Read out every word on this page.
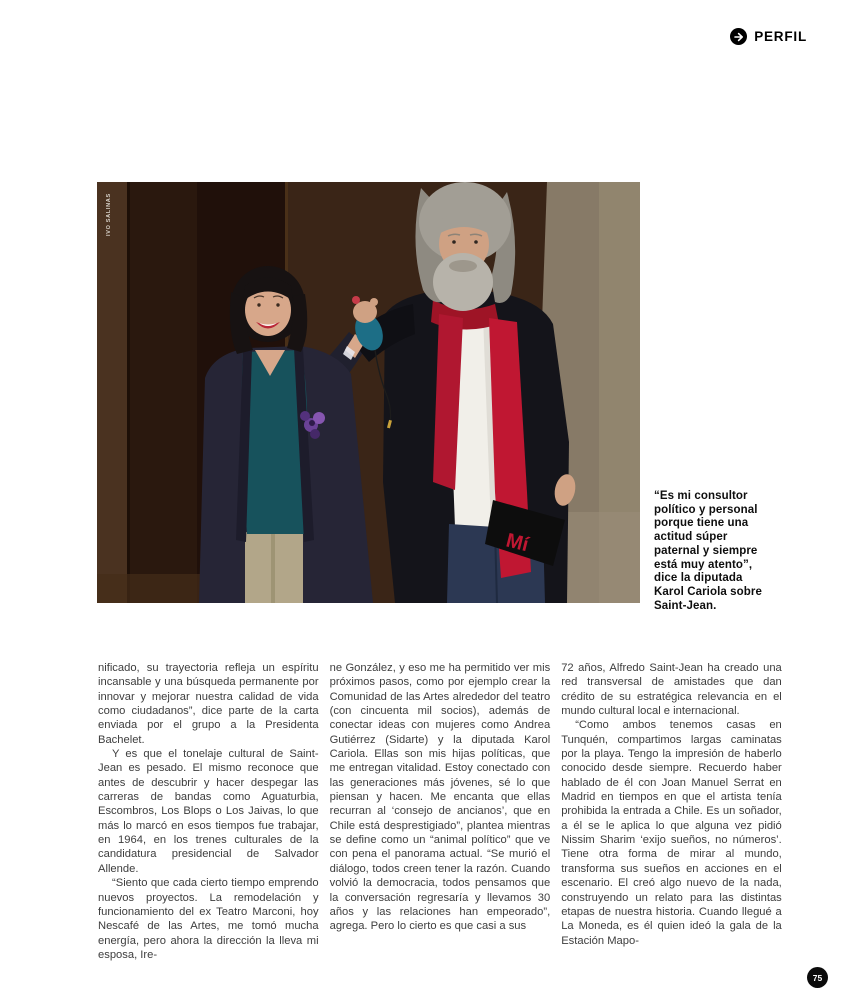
PERFIL
Mí
IVO SALINAS
“Es mi consultor
político y personal
porque tiene una
actitud súper
paternal y siempre
está muy atento”,
dice la diputada
Karol Cariola sobre
Saint-Jean.

nificado, su trayectoria refleja un espíritu incansable y una búsqueda permanente por innovar y mejorar nuestra calidad de vida como ciudadanos”, dice parte de la carta enviada por el grupo a la Presidenta Bachelet.

Y es que el tonelaje cultural de Saint-Jean es pesado. El mismo reconoce que antes de descubrir y hacer despegar las carreras de bandas como Aguaturbia, Escombros, Los Blops o Los Jaivas, lo que más lo marcó en esos tiempos fue trabajar, en 1964, en los trenes culturales de la candidatura presidencial de Salvador Allende.

“Siento que cada cierto tiempo emprendo nuevos proyectos. La remodelación y funcionamiento del ex Teatro Marconi, hoy Nescafé de las Artes, me tomó mucha energía, pero ahora la dirección la lleva mi esposa, Ire-

ne González, y eso me ha permitido ver mis próximos pasos, como por ejemplo crear la Comunidad de las Artes alrededor del teatro (con cincuenta mil socios), además de conectar ideas con mujeres como Andrea Gutiérrez (Sidarte) y la diputada Karol Cariola. Ellas son mis hijas políticas, que me entregan vitalidad. Estoy conectado con las generaciones más jóvenes, sé lo que piensan y hacen. Me encanta que ellas recurran al ‘consejo de ancianos’, que en Chile está desprestigiado”, plantea mientras se define como un “animal político” que ve con pena el panorama actual. “Se murió el diálogo, todos creen tener la razón. Cuando volvió la democracia, todos pensamos que la conversación regresaría y llevamos 30 años y las relaciones han empeorado”, agrega. Pero lo cierto es que casi a sus

72 años, Alfredo Saint-Jean ha creado una red transversal de amistades que dan crédito de su estratégica relevancia en el mundo cultural local e internacional.

“Como ambos tenemos casas en Tunquén, compartimos largas caminatas por la playa. Tengo la impresión de haberlo conocido desde siempre. Recuerdo haber hablado de él con Joan Manuel Serrat en Madrid en tiempos en que el artista tenía prohibida la entrada a Chile. Es un soñador, a él se le aplica lo que alguna vez pidió Nissim Sharim ‘exijo sueños, no números’. Tiene otra forma de mirar al mundo, transforma sus sueños en acciones en el escenario. El creó algo nuevo de la nada, construyendo un relato para las distintas etapas de nuestra historia. Cuando llegué a La Moneda, es él quien ideó la gala de la Estación Mapo-

75
